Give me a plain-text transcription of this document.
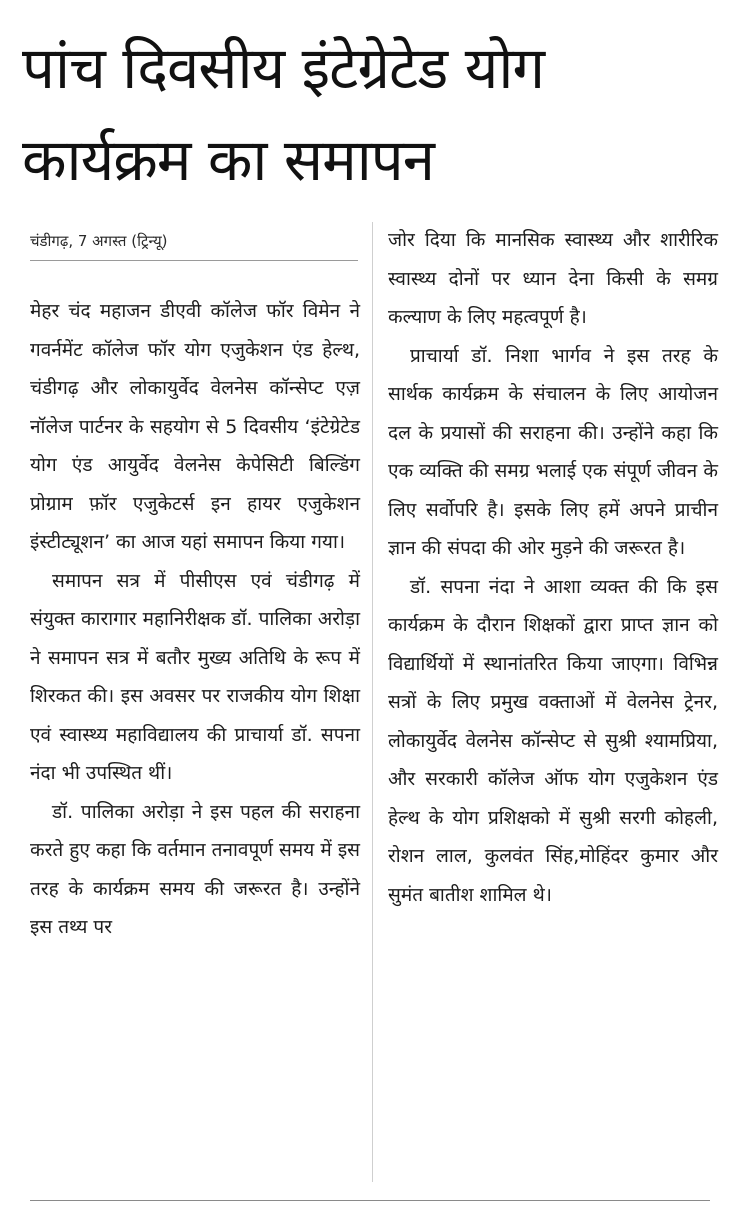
पांच दिवसीय इंटेग्रेटेड योग कार्यक्रम का समापन
चंडीगढ़, 7 अगस्त (ट्रिन्यू)

मेहर चंद महाजन डीएवी कॉलेज फॉर विमेन ने गवर्नमेंट कॉलेज फॉर योग एजुकेशन एंड हेल्थ, चंडीगढ़ और लोकायुर्वेद वेलनेस कॉन्सेप्ट एज़ नॉलेज पार्टनर के सहयोग से 5 दिवसीय ‘इंटेग्रेटेड योग एंड आयुर्वेद वेलनेस केपेसिटी बिल्डिंग प्रोग्राम फ़ॉर एजुकेटर्स इन हायर एजुकेशन इंस्टीट्यूशन’ का आज यहां समापन किया गया।

समापन सत्र में पीसीएस एवं चंडीगढ़ में संयुक्त कारागार महानिरीक्षक डॉ. पालिका अरोड़ा ने समापन सत्र में बतौर मुख्य अतिथि के रूप में शिरकत की। इस अवसर पर राजकीय योग शिक्षा एवं स्वास्थ्य महाविद्यालय की प्राचार्या डॉ. सपना नंदा भी उपस्थित थीं।

डॉ. पालिका अरोड़ा ने इस पहल की सराहना करते हुए कहा कि वर्तमान तनावपूर्ण समय में इस तरह के कार्यक्रम समय की जरूरत है। उन्होंने इस तथ्य पर

जोर दिया कि मानसिक स्वास्थ्य और शारीरिक स्वास्थ्य दोनों पर ध्यान देना किसी के समग्र कल्याण के लिए महत्वपूर्ण है।

प्राचार्या डॉ. निशा भार्गव ने इस तरह के सार्थक कार्यक्रम के संचालन के लिए आयोजन दल के प्रयासों की सराहना की। उन्होंने कहा कि एक व्यक्ति की समग्र भलाई एक संपूर्ण जीवन के लिए सर्वोपरि है। इसके लिए हमें अपने प्राचीन ज्ञान की संपदा की ओर मुड़ने की जरूरत है।

डॉ. सपना नंदा ने आशा व्यक्त की कि इस कार्यक्रम के दौरान शिक्षकों द्वारा प्राप्त ज्ञान को विद्यार्थियों में स्थानांतरित किया जाएगा। विभिन्न सत्रों के लिए प्रमुख वक्ताओं में वेलनेस ट्रेनर, लोकायुर्वेद वेलनेस कॉन्सेप्ट से सुश्री श्यामप्रिया, और सरकारी कॉलेज ऑफ योग एजुकेशन एंड हेल्थ के योग प्रशिक्षको में सुश्री सरगी कोहली, रोशन लाल, कुलवंत सिंह,मोहिंदर कुमार और सुमंत बातीश शामिल थे।
